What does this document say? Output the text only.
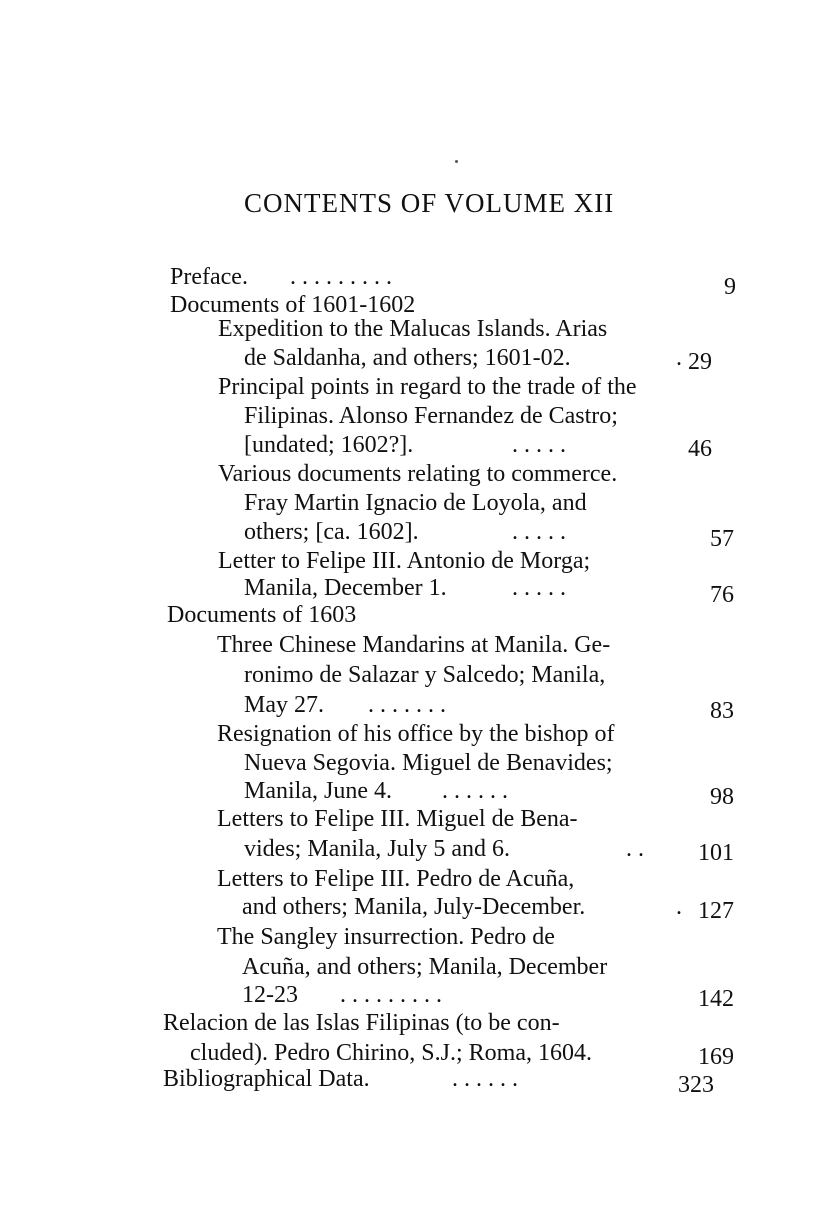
CONTENTS OF VOLUME XII
Preface. . . . . . . . . .	9
Documents of 1601-1602
Expedition to the Malucas Islands. Arias
de Saldanha, and others; 1601-02.	. 29
Principal points in regard to the trade of the
Filipinas. Alonso Fernandez de Castro;
[undated; 1602?].	. . . . .	46
Various documents relating to commerce.
Fray Martin Ignacio de Loyola, and
others; [ca. 1602].	. . . . .	57
Letter to Felipe III. Antonio de Morga;
Manila, December 1.	. . . . .	76
Documents of 1603
Three Chinese Mandarins at Manila. Ge-
ronimo de Salazar y Salcedo; Manila,
May 27. . . . . . . .	83
Resignation of his office by the bishop of
Nueva Segovia. Miguel de Benavides;
Manila, June 4. . . . . . .	98
Letters to Felipe III. Miguel de Bena-
vides; Manila, July 5 and 6.	. . 101
Letters to Felipe III. Pedro de Acuña,
and others; Manila, July-December.	. 127
The Sangley insurrection. Pedro de
Acuña, and others; Manila, December
12-23 . . . . . . . . .	142
Relacion de las Islas Filipinas (to be con-
cluded). Pedro Chirino, S.J.; Roma, 1604.	169
Bibliographical Data.	. . . . . .	323
